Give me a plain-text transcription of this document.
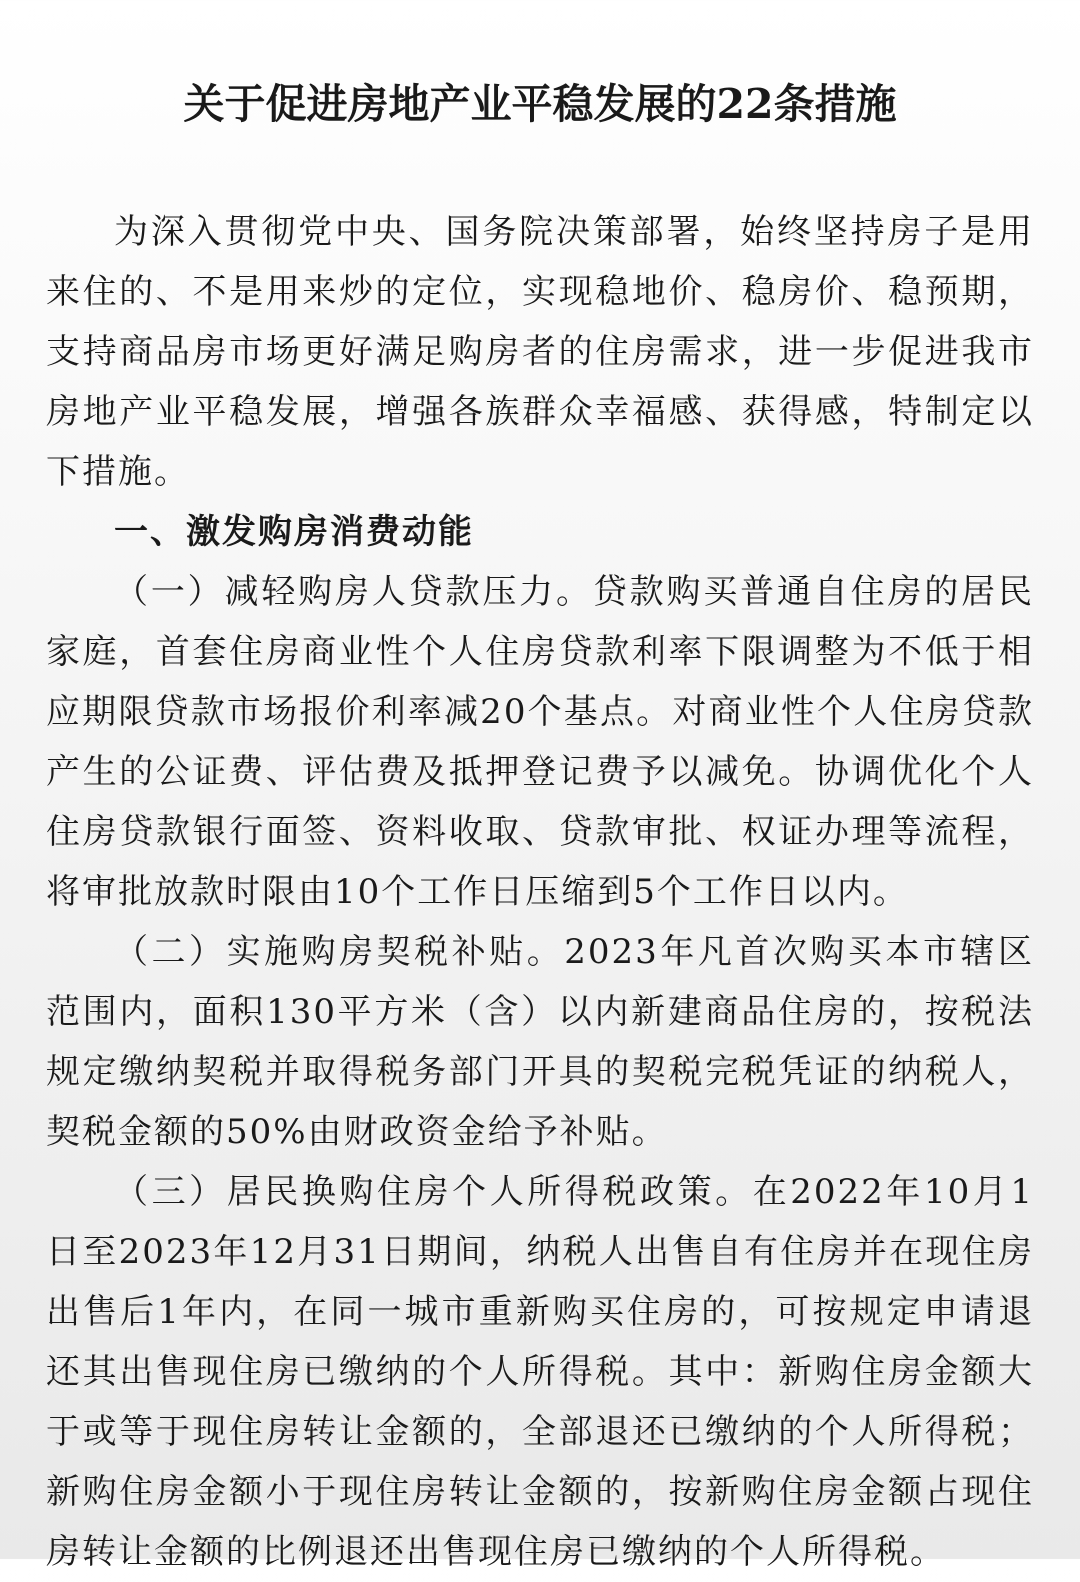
关于促进房地产业平稳发展的22条措施

为深入贯彻党中央、国务院决策部署，始终坚持房子是用来住的、不是用来炒的定位，实现稳地价、稳房价、稳预期，支持商品房市场更好满足购房者的住房需求，进一步促进我市房地产业平稳发展，增强各族群众幸福感、获得感，特制定以下措施。

一、激发购房消费动能

（一）减轻购房人贷款压力。贷款购买普通自住房的居民家庭，首套住房商业性个人住房贷款利率下限调整为不低于相应期限贷款市场报价利率减20个基点。对商业性个人住房贷款产生的公证费、评估费及抵押登记费予以减免。协调优化个人住房贷款银行面签、资料收取、贷款审批、权证办理等流程，将审批放款时限由10个工作日压缩到5个工作日以内。

（二）实施购房契税补贴。2023年凡首次购买本市辖区范围内，面积130平方米（含）以内新建商品住房的，按税法规定缴纳契税并取得税务部门开具的契税完税凭证的纳税人，契税金额的50%由财政资金给予补贴。

（三）居民换购住房个人所得税政策。在2022年10月1日至2023年12月31日期间，纳税人出售自有住房并在现住房出售后1年内，在同一城市重新购买住房的，可按规定申请退还其出售现住房已缴纳的个人所得税。其中：新购住房金额大于或等于现住房转让金额的，全部退还已缴纳的个人所得税；新购住房金额小于现住房转让金额的，按新购住房金额占现住房转让金额的比例退还出售现住房已缴纳的个人所得税。
